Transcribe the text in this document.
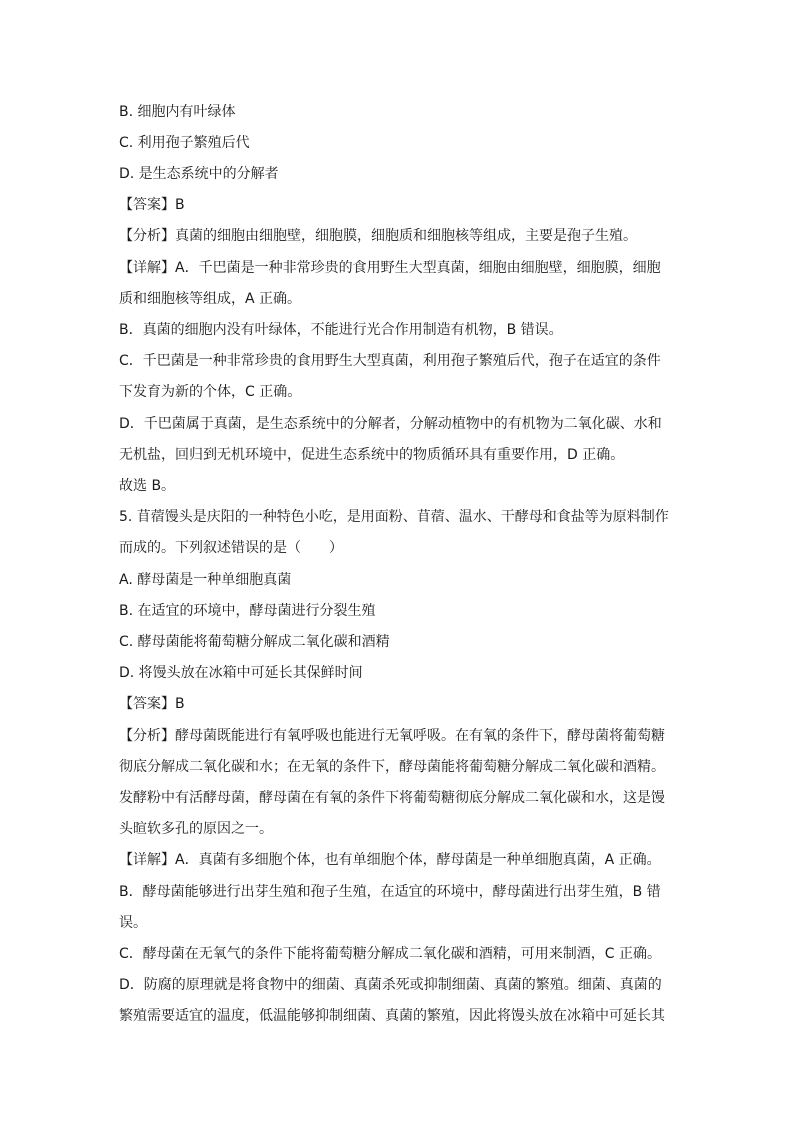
B. 细胞内有叶绿体
C. 利用孢子繁殖后代
D. 是生态系统中的分解者
【答案】B
【分析】真菌的细胞由细胞壁，细胞膜，细胞质和细胞核等组成，主要是孢子生殖。
【详解】A．千巴菌是一种非常珍贵的食用野生大型真菌，细胞由细胞壁，细胞膜，细胞
质和细胞核等组成，A 正确。
B．真菌的细胞内没有叶绿体，不能进行光合作用制造有机物，B 错误。
C．千巴菌是一种非常珍贵的食用野生大型真菌，利用孢子繁殖后代，孢子在适宜的条件
下发育为新的个体，C 正确。
D．千巴菌属于真菌，是生态系统中的分解者，分解动植物中的有机物为二氧化碳、水和
无机盐，回归到无机环境中，促进生态系统中的物质循环具有重要作用，D 正确。
故选 B。
5. 苜蓿馒头是庆阳的一种特色小吃，是用面粉、苜蓿、温水、干酵母和食盐等为原料制作
而成的。下列叙述错误的是（　　）
A. 酵母菌是一种单细胞真菌
B. 在适宜的环境中，酵母菌进行分裂生殖
C. 酵母菌能将葡萄糖分解成二氧化碳和酒精
D. 将馒头放在冰箱中可延长其保鲜时间
【答案】B
【分析】酵母菌既能进行有氧呼吸也能进行无氧呼吸。在有氧的条件下，酵母菌将葡萄糖
彻底分解成二氧化碳和水；在无氧的条件下，酵母菌能将葡萄糖分解成二氧化碳和酒精。
发酵粉中有活酵母菌，酵母菌在有氧的条件下将葡萄糖彻底分解成二氧化碳和水，这是馒
头暄软多孔的原因之一。
【详解】A．真菌有多细胞个体，也有单细胞个体，酵母菌是一种单细胞真菌，A 正确。
B．酵母菌能够进行出芽生殖和孢子生殖，在适宜的环境中，酵母菌进行出芽生殖，B 错
误。
C．酵母菌在无氧气的条件下能将葡萄糖分解成二氧化碳和酒精，可用来制酒，C 正确。
D．防腐的原理就是将食物中的细菌、真菌杀死或抑制细菌、真菌的繁殖。细菌、真菌的
繁殖需要适宜的温度，低温能够抑制细菌、真菌的繁殖，因此将馒头放在冰箱中可延长其
